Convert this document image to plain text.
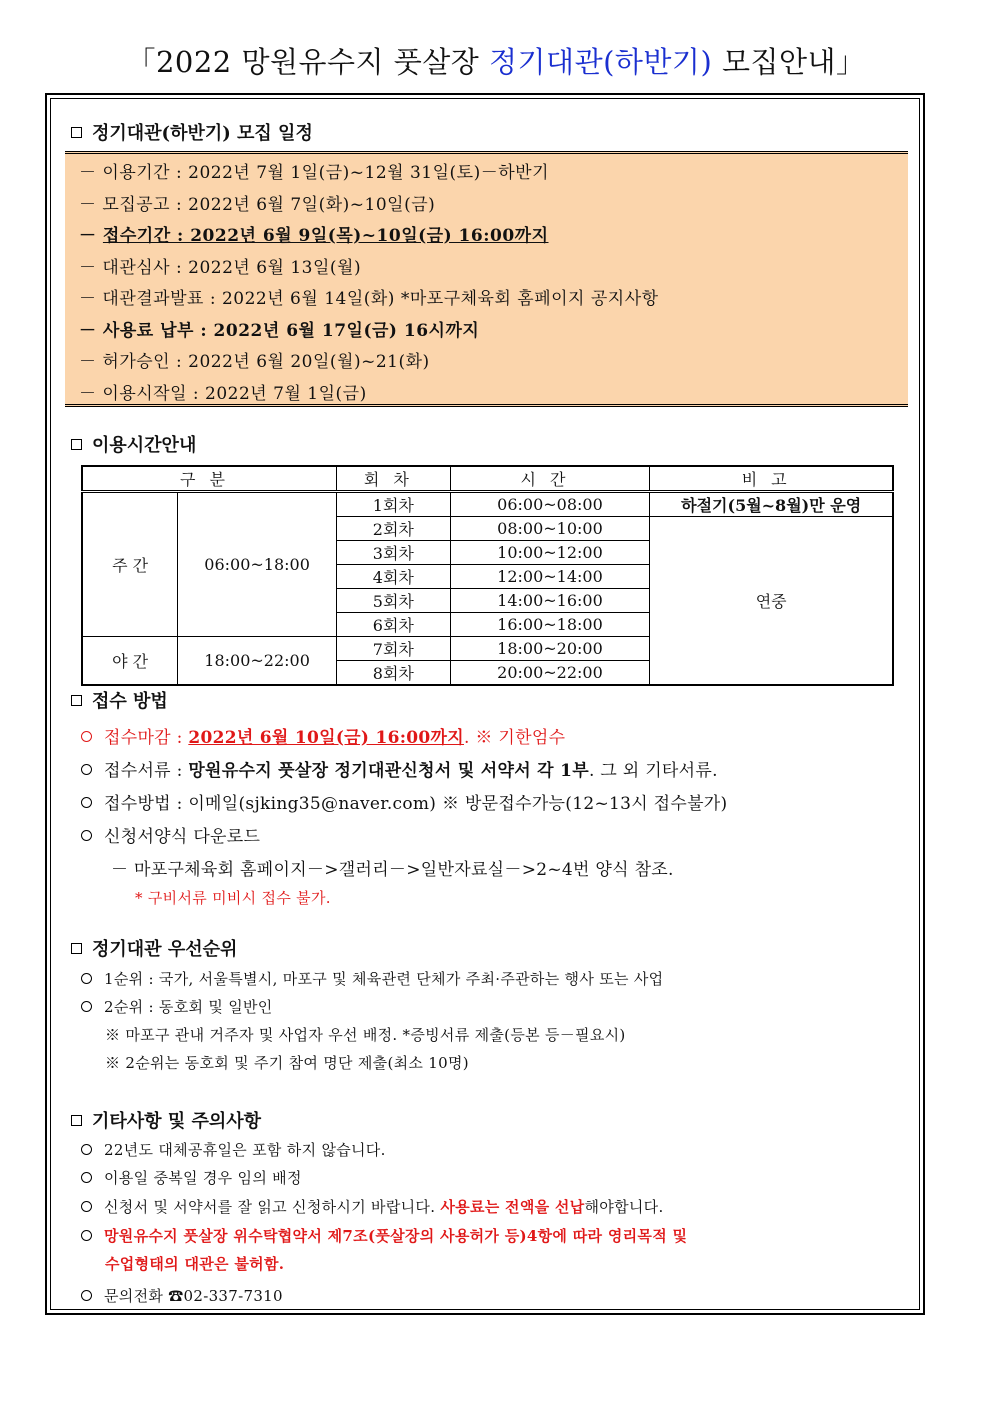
「2022 망원유수지 풋살장 정기대관(하반기) 모집안내」
정기대관(하반기) 모집 일정
－ 이용기간 : 2022년 7월 1일(금)~12월 31일(토)－하반기
－ 모집공고 : 2022년 6월 7일(화)~10일(금)
－ 접수기간 : 2022년 6월 9일(목)~10일(금) 16:00까지
－ 대관심사 : 2022년 6월 13일(월)
－ 대관결과발표 : 2022년 6월 14일(화) *마포구체육회 홈페이지 공지사항
－ 사용료 납부 : 2022년 6월 17일(금) 16시까지
－ 허가승인 : 2022년 6월 20일(월)~21(화)
－ 이용시작일 : 2022년 7월 1일(금)
이용시간안내
구분		회차	시간	비고
주 간	06:00~18:00	1회차	06:00~08:00	하절기(5월~8월)만 운영
		2회차	08:00~10:00	연중
		3회차	10:00~12:00	
		4회차	12:00~14:00	
		5회차	14:00~16:00	
		6회차	16:00~18:00	
야 간	18:00~22:00	7회차	18:00~20:00	
		8회차	20:00~22:00	
접수 방법
접수마감 : 2022년 6월 10일(금) 16:00까지. ※ 기한엄수
접수서류 : 망원유수지 풋살장 정기대관신청서 및 서약서 각 1부. 그 외 기타서류.
접수방법 : 이메일(sjking35@naver.com) ※ 방문접수가능(12~13시 접수불가)
신청서양식 다운로드
－ 마포구체육회 홈페이지－>갤러리－>일반자료실－>2~4번 양식 참조.
* 구비서류 미비시 접수 불가.
정기대관 우선순위
1순위 : 국가, 서울특별시, 마포구 및 체육관련 단체가 주최·주관하는 행사 또는 사업
2순위 : 동호회 및 일반인
※ 마포구 관내 거주자 및 사업자 우선 배정. *증빙서류 제출(등본 등－필요시)
※ 2순위는 동호회 및 주기 참여 명단 제출(최소 10명)
기타사항 및 주의사항
22년도 대체공휴일은 포함 하지 않습니다.
이용일 중복일 경우 임의 배정
신청서 및 서약서를 잘 읽고 신청하시기 바랍니다. 사용료는 전액을 선납해야합니다.
망원유수지 풋살장 위수탁협약서 제7조(풋살장의 사용허가 등)4항에 따라 영리목적 및
수업형태의 대관은 불허함.
문의전화 ☎02-337-7310
